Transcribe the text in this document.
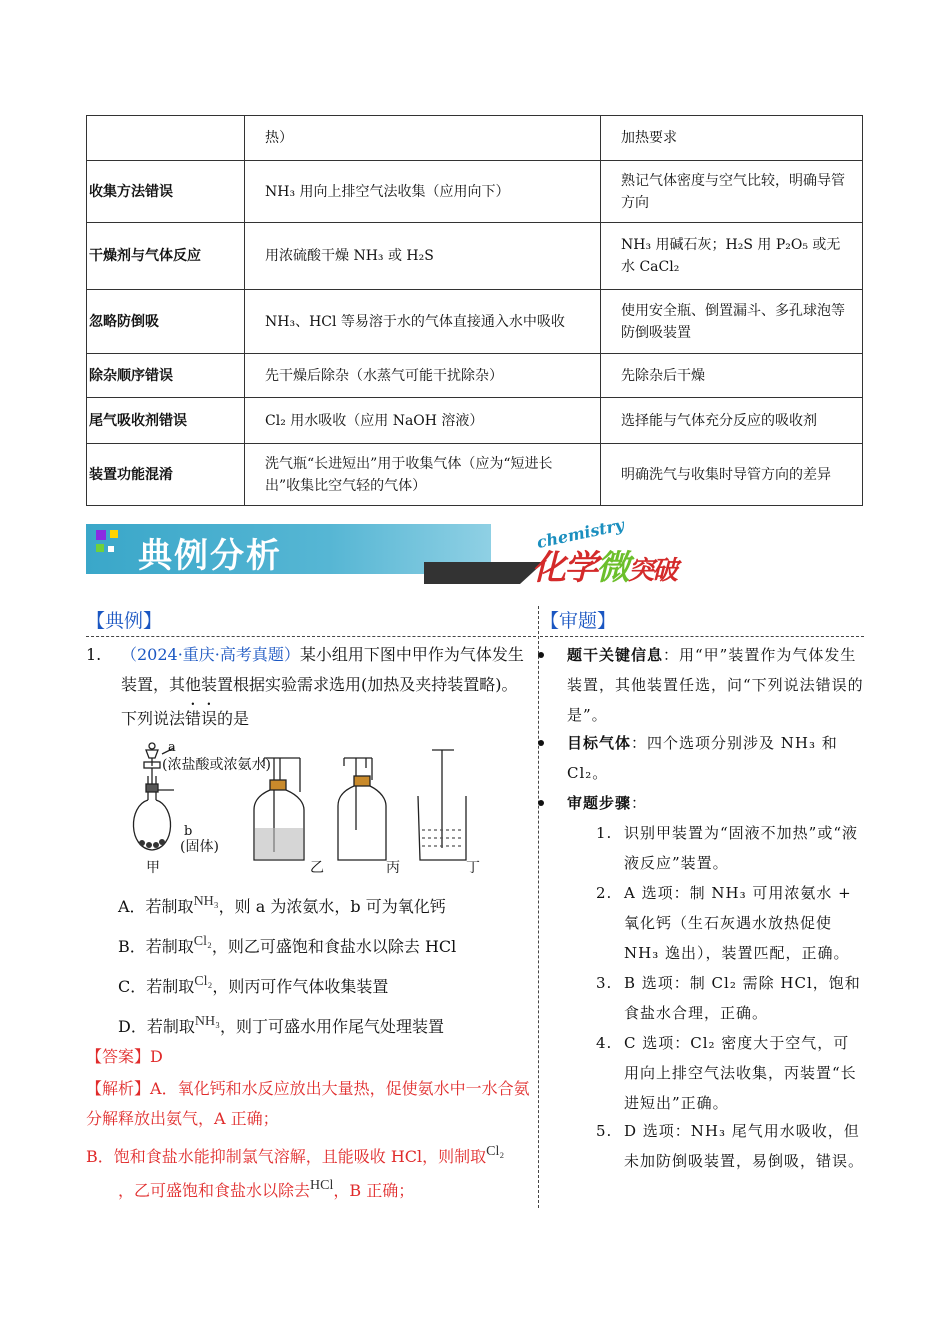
	热）	加热要求
收集方法错误	NH₃ 用向上排空气法收集（应用向下）	熟记气体密度与空气比较，明确导管方向
干燥剂与气体反应	用浓硫酸干燥 NH₃ 或 H₂S	NH₃ 用碱石灰；H₂S 用 P₂O₅ 或无水 CaCl₂
忽略防倒吸	NH₃、HCl 等易溶于水的气体直接通入水中吸收	使用安全瓶、倒置漏斗、多孔球泡等防倒吸装置
除杂顺序错误	先干燥后除杂（水蒸气可能干扰除杂）	先除杂后干燥
尾气吸收剂错误	Cl₂ 用水吸收（应用 NaOH 溶液）	选择能与气体充分反应的吸收剂
装置功能混淆	洗气瓶“长进短出”用于收集气体（应为“短进长出”收集比空气轻的气体）	明确洗气与收集时导管方向的差异
典例分析
chemistry
化学微突破
【典例】	【审题】
1. （2024·重庆·高考真题）某小组用下图中甲作为气体发生装置，其他装置根据实验需求选用(加热及夹持装置略)。下列说法错误的是
a
(浓盐酸或浓氨水)
b
(固体)
甲	乙	丙	丁
A．若制取NH₃，则 a 为浓氨水，b 可为氧化钙
B．若制取Cl₂，则乙可盛饱和食盐水以除去 HCl
C．若制取Cl₂，则丙可作气体收集装置
D．若制取NH₃，则丁可盛水用作尾气处理装置
【答案】D
【解析】A．氧化钙和水反应放出大量热，促使氨水中一水合氨分解释放出氨气，A 正确；
B．饱和食盐水能抑制氯气溶解，且能吸收 HCl，则制取Cl₂
，乙可盛饱和食盐水以除去HCl，B 正确；
题干关键信息：用“甲”装置作为气体发生装置，其他装置任选，问“下列说法错误的是”。
目标气体：四个选项分别涉及 NH₃ 和 Cl₂。
审题步骤：
1. 识别甲装置为“固液不加热”或“液液反应”装置。
2. A 选项：制 NH₃ 可用浓氨水 + 氧化钙（生石灰遇水放热促使 NH₃ 逸出），装置匹配，正确。
3. B 选项：制 Cl₂ 需除 HCl，饱和食盐水合理，正确。
4. C 选项：Cl₂ 密度大于空气，可用向上排空气法收集，丙装置“长进短出”正确。
5. D 选项：NH₃ 尾气用水吸收，但未加防倒吸装置，易倒吸，错误。
